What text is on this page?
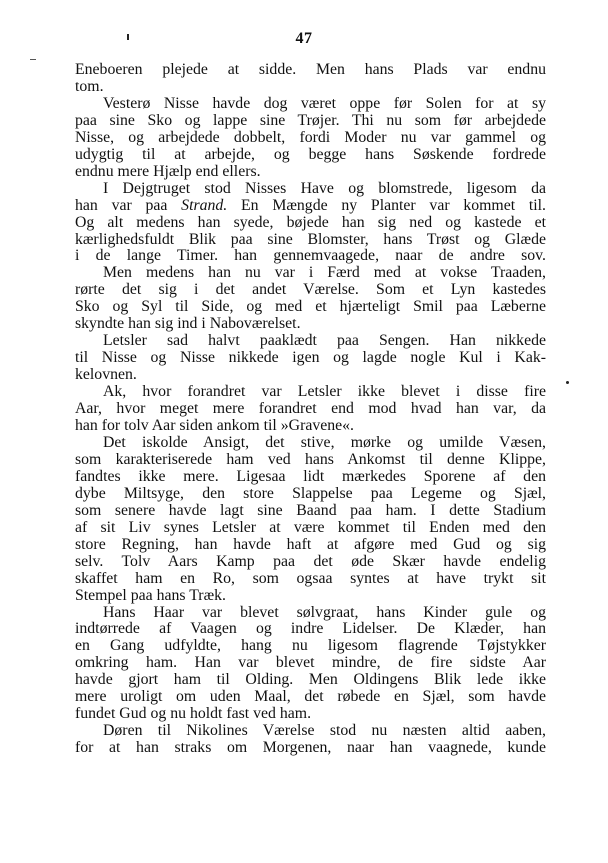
47
Eneboeren plejede at sidde. Men hans Plads var endnu
tom.
Vesterø Nisse havde dog været oppe før Solen for at sy
paa sine Sko og lappe sine Trøjer. Thi nu som før arbejdede
Nisse, og arbejdede dobbelt, fordi Moder nu var gammel og
udygtig til at arbejde, og begge hans Søskende fordrede
endnu mere Hjælp end ellers.
I Dejgtruget stod Nisses Have og blomstrede, ligesom da
han var paa Strand. En Mængde ny Planter var kommet til.
Og alt medens han syede, bøjede han sig ned og kastede et
kærlighedsfuldt Blik paa sine Blomster, hans Trøst og Glæde
i de lange Timer. han gennemvaagede, naar de andre sov.
Men medens han nu var i Færd med at vokse Traaden,
rørte det sig i det andet Værelse. Som et Lyn kastedes
Sko og Syl til Side, og med et hjærteligt Smil paa Læberne
skyndte han sig ind i Naboværelset.
Letsler sad halvt paaklædt paa Sengen. Han nikkede
til Nisse og Nisse nikkede igen og lagde nogle Kul i Kak-
kelovnen.
Ak, hvor forandret var Letsler ikke blevet i disse fire
Aar, hvor meget mere forandret end mod hvad han var, da
han for tolv Aar siden ankom til »Gravene«.
Det iskolde Ansigt, det stive, mørke og umilde Væsen,
som karakteriserede ham ved hans Ankomst til denne Klippe,
fandtes ikke mere. Ligesaa lidt mærkedes Sporene af den
dybe Miltsyge, den store Slappelse paa Legeme og Sjæl,
som senere havde lagt sine Baand paa ham. I dette Stadium
af sit Liv synes Letsler at være kommet til Enden med den
store Regning, han havde haft at afgøre med Gud og sig
selv. Tolv Aars Kamp paa det øde Skær havde endelig
skaffet ham en Ro, som ogsaa syntes at have trykt sit
Stempel paa hans Træk.
Hans Haar var blevet sølvgraat, hans Kinder gule og
indtørrede af Vaagen og indre Lidelser. De Klæder, han
en Gang udfyldte, hang nu ligesom flagrende Tøjstykker
omkring ham. Han var blevet mindre, de fire sidste Aar
havde gjort ham til Olding. Men Oldingens Blik lede ikke
mere uroligt om uden Maal, det røbede en Sjæl, som havde
fundet Gud og nu holdt fast ved ham.
Døren til Nikolines Værelse stod nu næsten altid aaben,
for at han straks om Morgenen, naar han vaagnede, kunde
